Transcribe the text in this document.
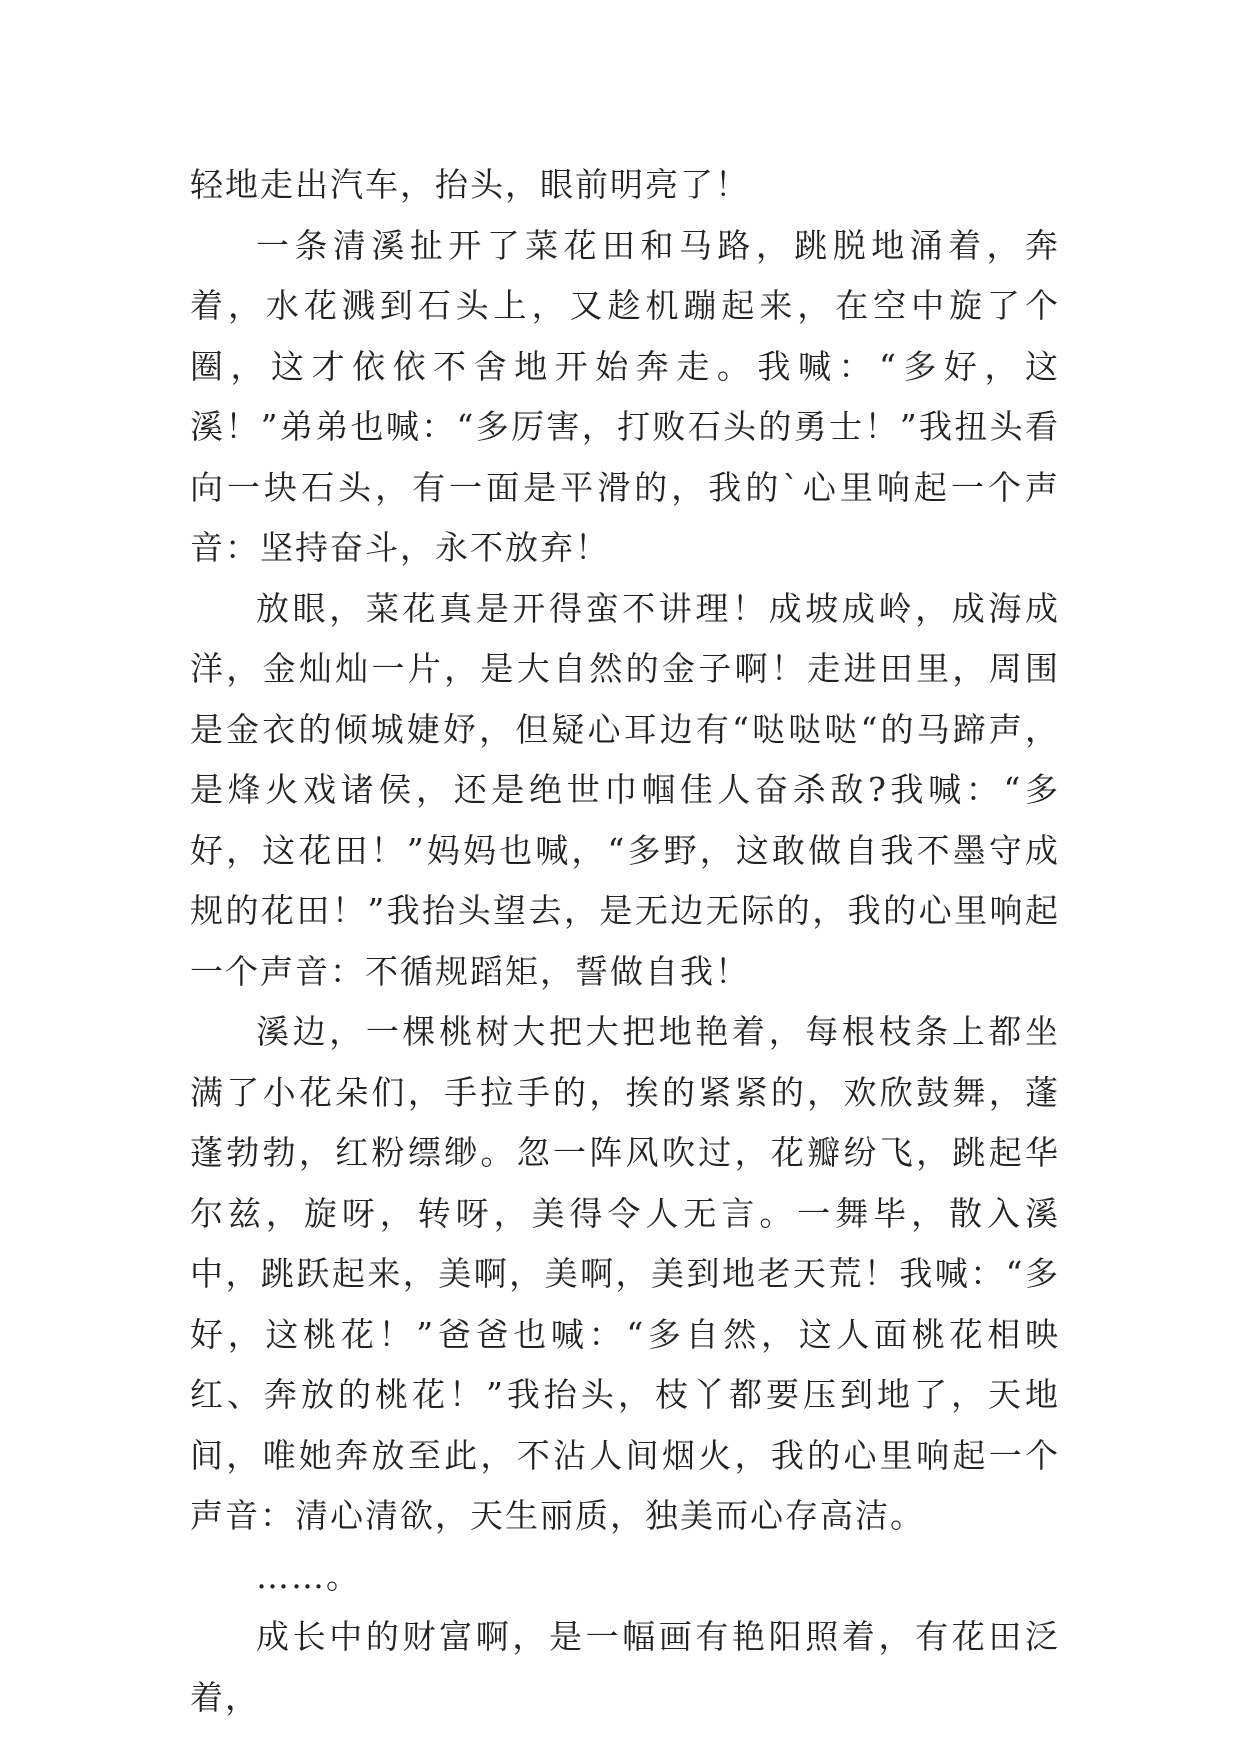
轻地走出汽车，抬头，眼前明亮了！

一条清溪扯开了菜花田和马路，跳脱地涌着，奔着，水花溅到石头上，又趁机蹦起来，在空中旋了个圈，这才依依不舍地开始奔走。我喊：“多好，这溪！”弟弟也喊：“多厉害，打败石头的勇士！”我扭头看向一块石头，有一面是平滑的，我的`心里响起一个声音：坚持奋斗，永不放弃！

放眼，菜花真是开得蛮不讲理！成坡成岭，成海成洋，金灿灿一片，是大自然的金子啊！走进田里，周围是金衣的倾城婕妤，但疑心耳边有“哒哒哒“的马蹄声，是烽火戏诸侯，还是绝世巾帼佳人奋杀敌?我喊：“多好，这花田！”妈妈也喊，“多野，这敢做自我不墨守成规的花田！”我抬头望去，是无边无际的，我的心里响起一个声音：不循规蹈矩，誓做自我！

溪边，一棵桃树大把大把地艳着，每根枝条上都坐满了小花朵们，手拉手的，挨的紧紧的，欢欣鼓舞，蓬蓬勃勃，红粉缥缈。忽一阵风吹过，花瓣纷飞，跳起华尔兹，旋呀，转呀，美得令人无言。一舞毕，散入溪中，跳跃起来，美啊，美啊，美到地老天荒！我喊：“多好，这桃花！”爸爸也喊：“多自然，这人面桃花相映红、奔放的桃花！”我抬头，枝丫都要压到地了，天地间，唯她奔放至此，不沾人间烟火，我的心里响起一个声音：清心清欲，天生丽质，独美而心存高洁。

……。

成长中的财富啊，是一幅画有艳阳照着，有花田泛着，
